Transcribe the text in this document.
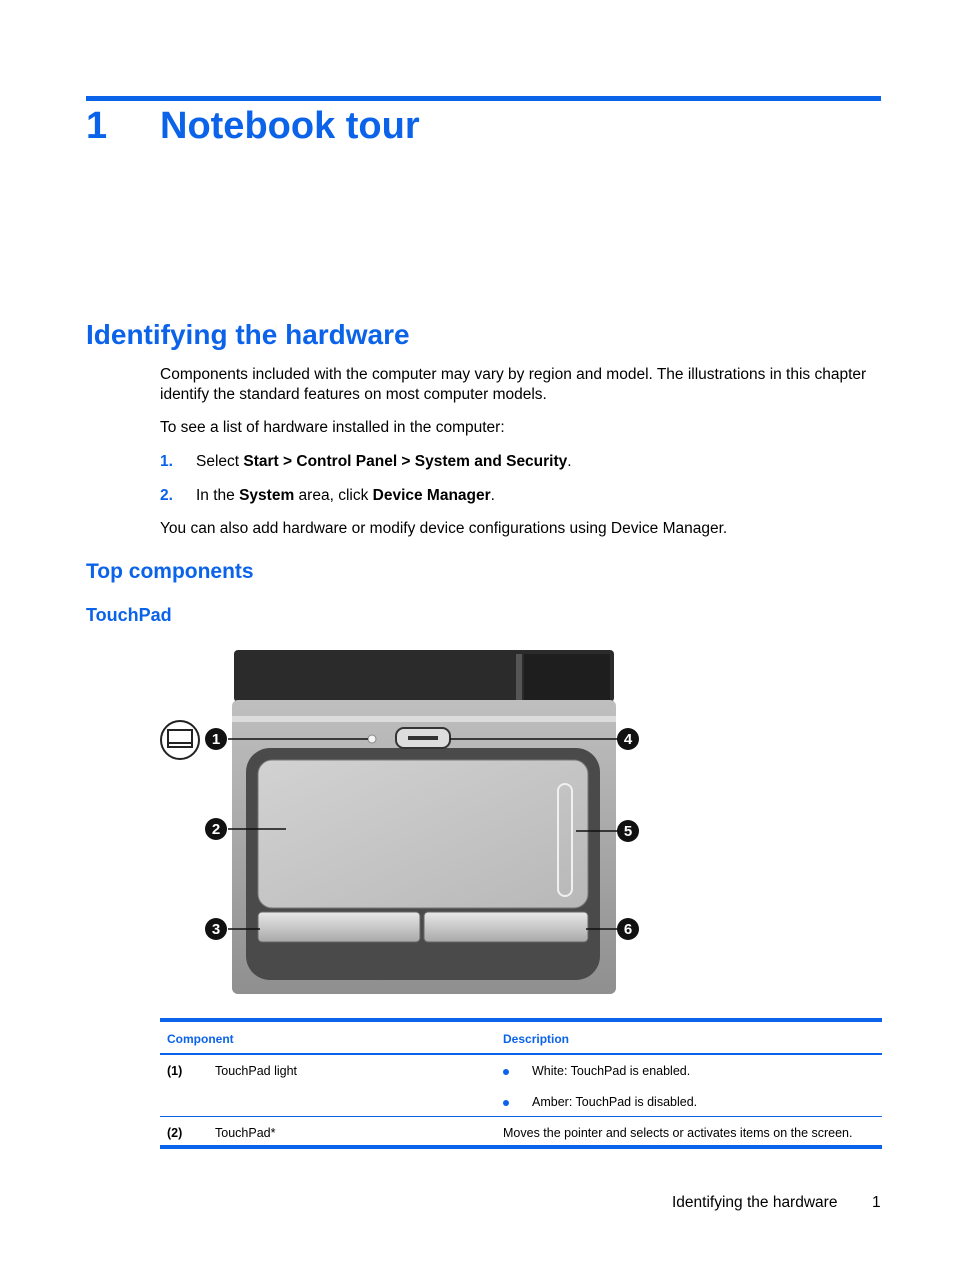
1 Notebook tour
Identifying the hardware
Components included with the computer may vary by region and model. The illustrations in this chapter identify the standard features on most computer models.
To see a list of hardware installed in the computer:
1. Select Start > Control Panel > System and Security.
2. In the System area, click Device Manager.
You can also add hardware or modify device configurations using Device Manager.
Top components
TouchPad
1
2
3
4
5
6
Component	Description
(1)	TouchPad light	White: TouchPad is enabled.
Amber: TouchPad is disabled.
(2)	TouchPad*	Moves the pointer and selects or activates items on the screen.
Identifying the hardware 1
